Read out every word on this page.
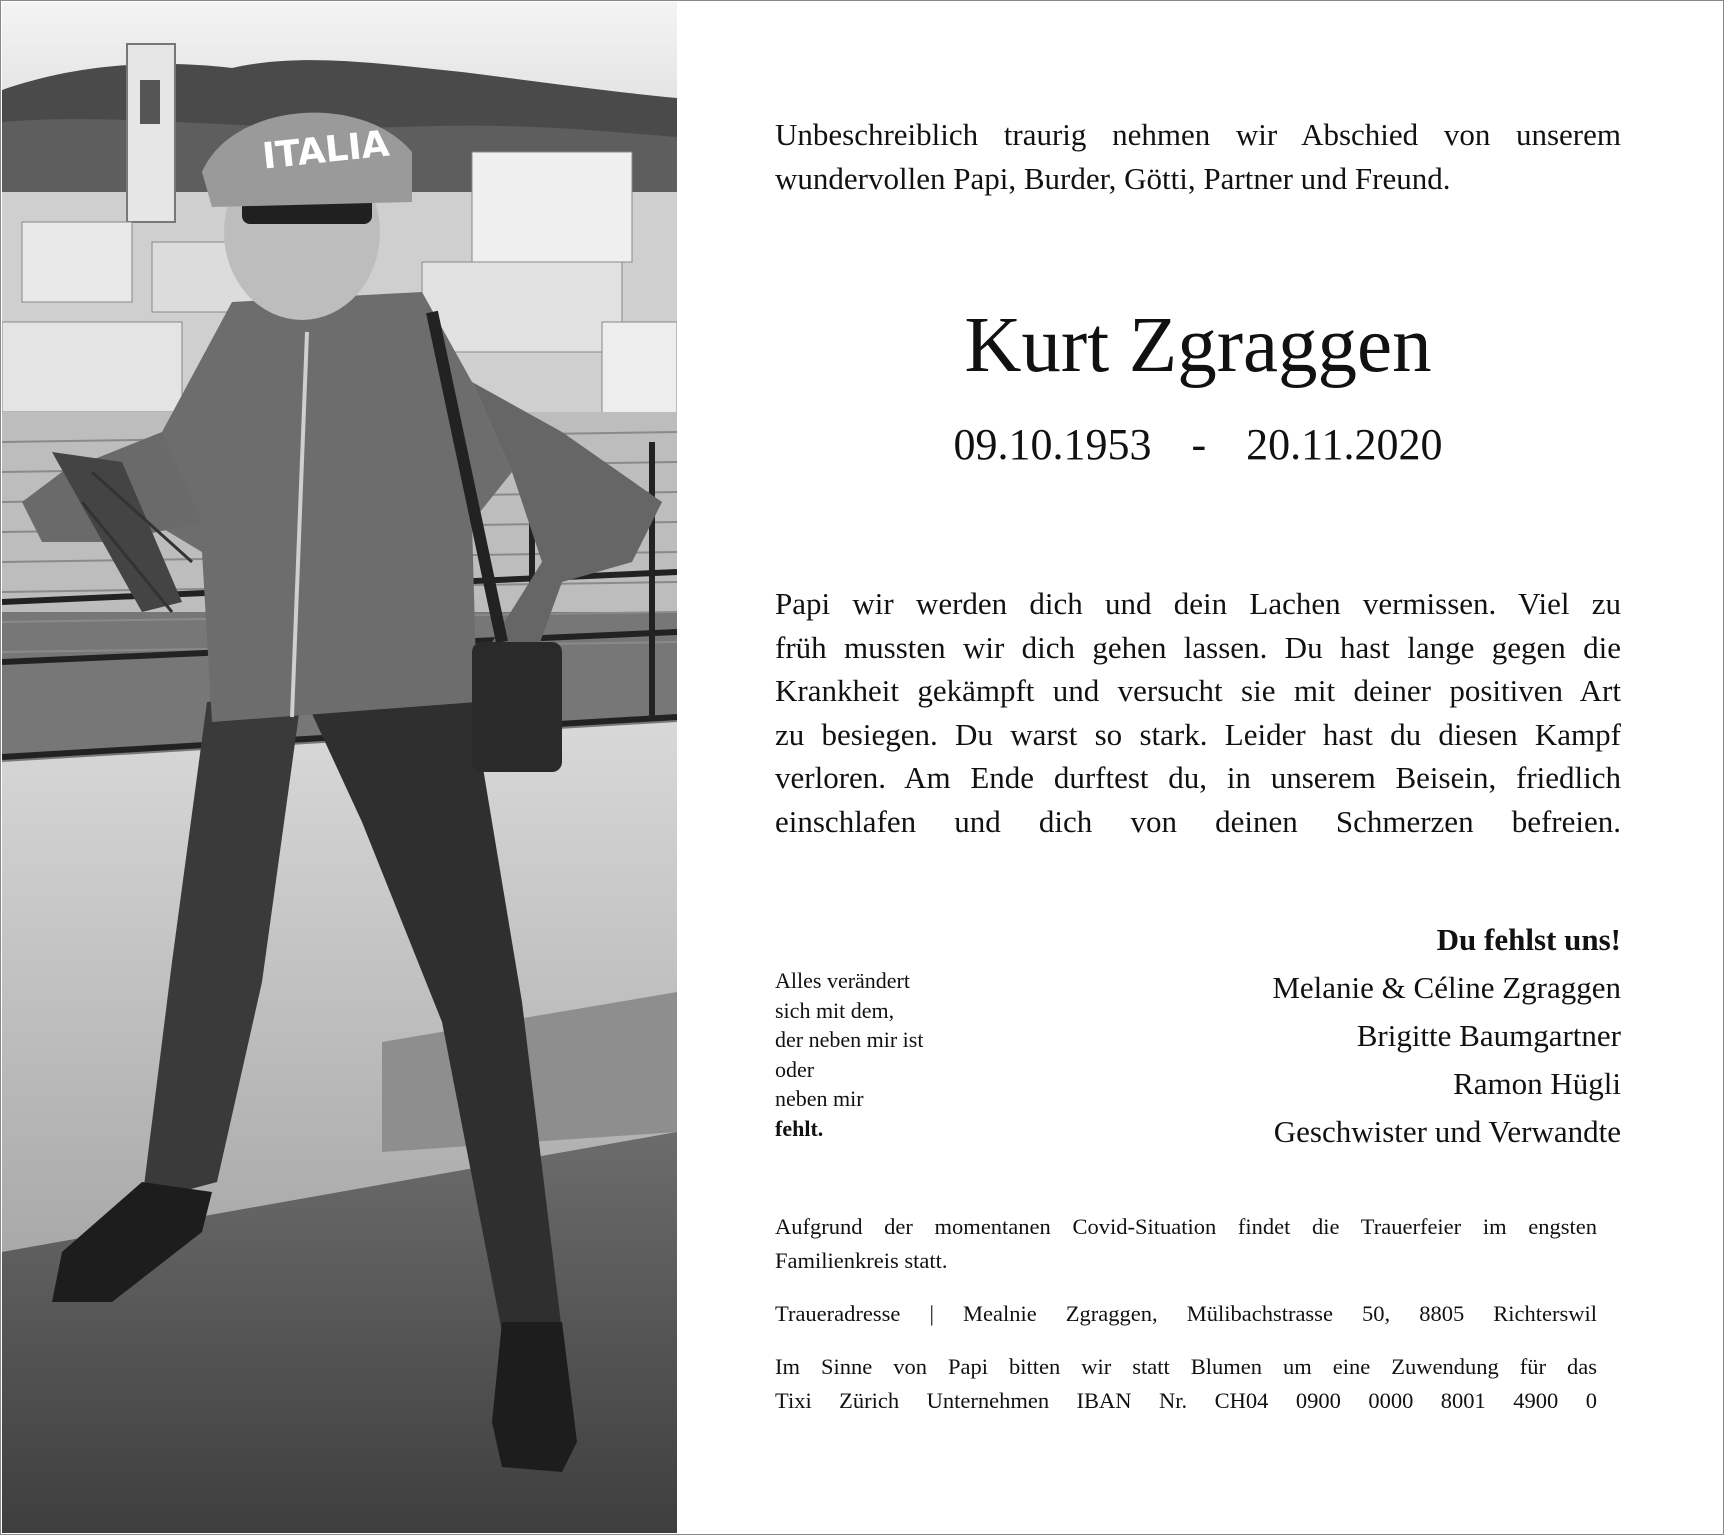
ITALIA	Unbeschreiblich traurig nehmen wir Abschied von unserem
wundervollen Papi, Burder, Götti, Partner und Freund.
Kurt Zgraggen
09.10.1953 - 20.11.2020
Papi wir werden dich und dein Lachen vermissen. Viel zu
früh mussten wir dich gehen lassen. Du hast lange gegen die
Krankheit gekämpft und versucht sie mit deiner positiven Art
zu besiegen. Du warst so stark. Leider hast du diesen Kampf
verloren. Am Ende durftest du, in unserem Beisein, friedlich
einschlafen und dich von deinen Schmerzen befreien.
Alles verändert
sich mit dem,
der neben mir ist
oder
neben mir
fehlt.
Du fehlst uns!
Melanie & Céline Zgraggen
Brigitte Baumgartner
Ramon Hügli
Geschwister und Verwandte
Aufgrund der momentanen Covid-Situation findet die Trauerfeier im engsten
Familienkreis statt.
Traueradresse | Mealnie Zgraggen, Mülibachstrasse 50, 8805 Richterswil
Im Sinne von Papi bitten wir statt Blumen um eine Zuwendung für das
Tixi Zürich Unternehmen IBAN Nr. CH04 0900 0000 8001 4900 0
